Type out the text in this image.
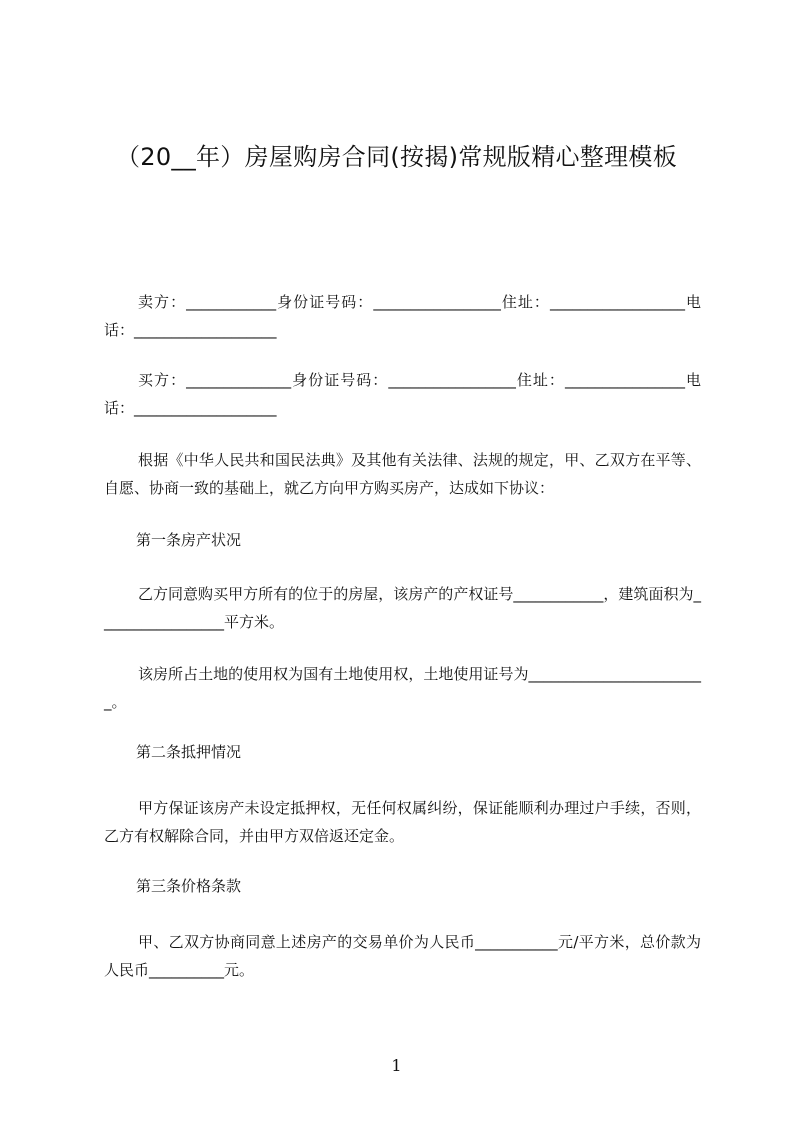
（20__年）房屋购房合同(按揭)常规版精心整理模板
卖方：____________身份证号码：_________________住址：__________________电话：___________________
买方：______________身份证号码：_________________住址：________________电话：___________________
根据《中华人民共和国民法典》及其他有关法律、法规的规定，甲、乙双方在平等、自愿、协商一致的基础上，就乙方向甲方购买房产，达成如下协议：
第一条房产状况
乙方同意购买甲方所有的位于的房屋，该房产的产权证号____________，建筑面积为_________________平方米。
该房所占土地的使用权为国有土地使用权，土地使用证号为________________________。
第二条抵押情况
甲方保证该房产未设定抵押权，无任何权属纠纷，保证能顺利办理过户手续，否则，乙方有权解除合同，并由甲方双倍返还定金。
第三条价格条款
甲、乙双方协商同意上述房产的交易单价为人民币___________元/平方米，总价款为人民币__________元。
1
